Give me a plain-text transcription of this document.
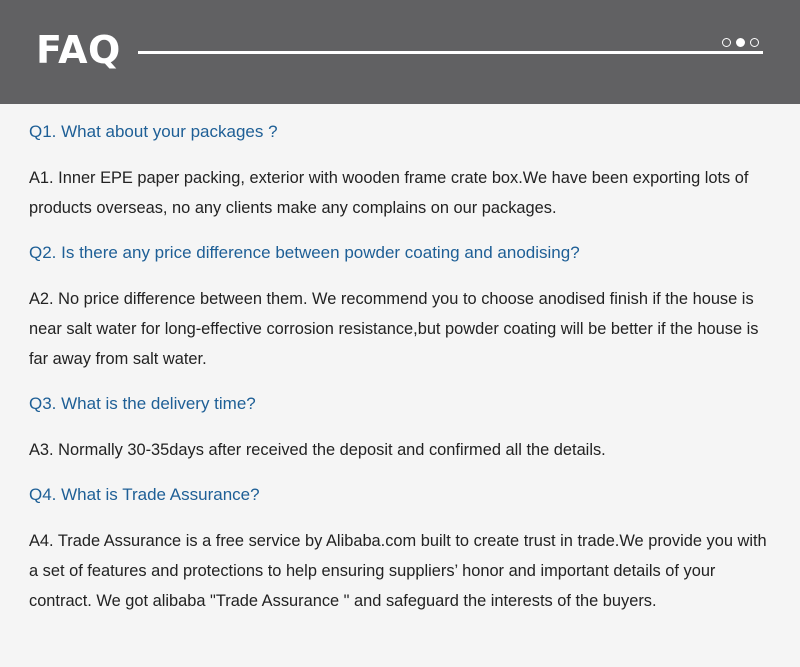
FAQ

Q1. What about your packages ?

A1. Inner EPE paper packing, exterior with wooden frame crate box.We have been exporting lots of products overseas, no any clients make any complains on our packages.

Q2. Is there any price difference between powder coating and anodising?

A2. No price difference between them. We recommend you to choose anodised finish if the house is near salt water for long-effective corrosion resistance,but powder coating will be better if the house is far away from salt water.

Q3. What is the delivery time?

A3. Normally 30-35days after received the deposit and confirmed all the details.

Q4. What is Trade Assurance?

A4. Trade Assurance is a free service by Alibaba.com built to create trust in trade.We provide you with a set of features and protections to help ensuring suppliers’ honor and important details of your contract. We got alibaba "Trade Assurance " and safeguard the interests of the buyers.
